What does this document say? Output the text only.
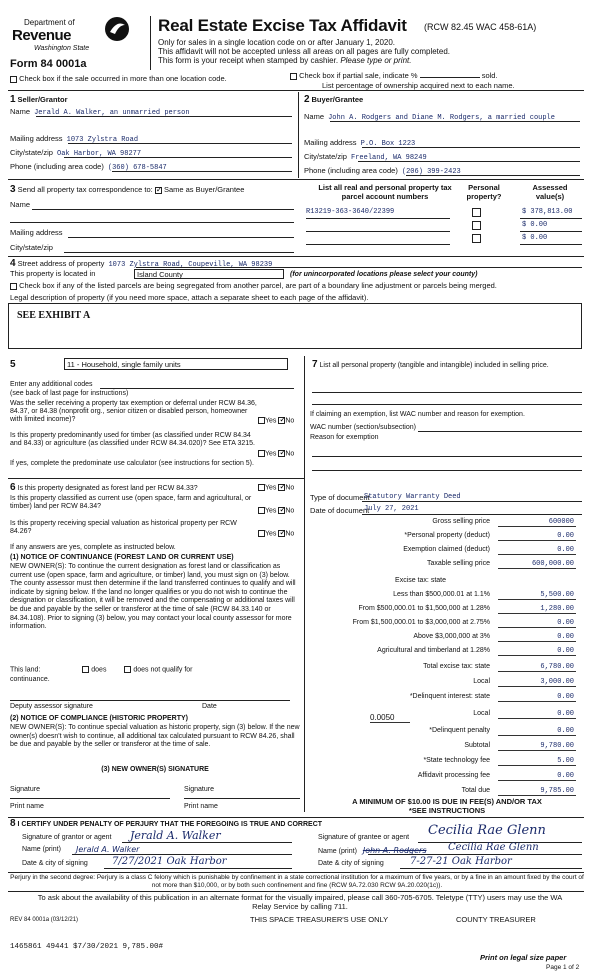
Department of
Revenue
Washington State
Form 84 0001a
Real Estate Excise Tax Affidavit (RCW 82.45 WAC 458-61A)
Only for sales in a single location code on or after January 1, 2020.
This affidavit will not be accepted unless all areas on all pages are fully completed.
This form is your receipt when stamped by cashier. Please type or print.
Check box if the sale occurred in more than one location code.	Check box if partial sale, indicate %	sold.
List percentage of ownership acquired next to each name.
1 Seller/Grantor
Name Jerald A. Walker, an unmarried person
Mailing address 1073 Zylstra Road
City/state/zip Oak Harbor, WA 98277
Phone (including area code) (360) 678-5847
2 Buyer/Grantee
Name John A. Rodgers and Diane M. Rodgers, a married couple
Mailing address P.O. Box 1223
City/state/zip Freeland, WA 98249
Phone (including area code) (206) 399-2423
3 Send all property tax correspondence to: ✓ Same as Buyer/Grantee
Name
Mailing address
City/state/zip
List all real and personal property tax parcel account numbers
Personal property?
Assessed value(s)
R13219-363-3640/22399	$ 378,813.00
$ 0.00
$ 0.00
4 Street address of property 1073 Zylstra Road, Coupeville, WA 98239
This property is located in	Island County	(for unincorporated locations please select your county)
Check box if any of the listed parcels are being segregated from another parcel, are part of a boundary line adjustment or parcels being merged.
Legal description of property (if you need more space, attach a separate sheet to each page of the affidavit).
SEE EXHIBIT A
5	11 - Household, single family units
Enter any additional codes
(see back of last page for instructions)
Was the seller receiving a property tax exemption or deferral under RCW 84.36, 84.37, or 84.38 (nonprofit org., senior citizen or disabled person, homeowner with limited income)?	Yes ✓ No
Is this property predominantly used for timber (as classified under RCW 84.34 and 84.33) or agriculture (as classified under RCW 84.34.020)? See ETA 3215.
Yes ✓ No
If yes, complete the predominate use calculator (see instructions for section 5).
6 Is this property designated as forest land per RCW 84.33?	Yes ✓ No
Is this property classified as current use (open space, farm and agricultural, or timber) land per RCW 84.34?
Yes ✓ No
Is this property receiving special valuation as historical property per RCW 84.26?	Yes ✓ No
If any answers are yes, complete as instructed below.
(1) NOTICE OF CONTINUANCE (FOREST LAND OR CURRENT USE)
NEW OWNER(S): To continue the current designation as forest land or classification as current use (open space, farm and agriculture, or timber) land, you must sign on (3) below. The county assessor must then determine if the land transferred continues to qualify and will indicate by signing below. If the land no longer qualifies or you do not wish to continue the designation or classification, it will be removed and the compensating or additional taxes will be due and payable by the seller or transferor at the time of sale (RCW 84.33.140 or 84.34.108). Prior to signing (3) below, you may contact your local county assessor for more information.
This land:	does	does not qualify for
continuance.
Deputy assessor signature	Date
(2) NOTICE OF COMPLIANCE (HISTORIC PROPERTY)
NEW OWNER(S): To continue special valuation as historic property, sign (3) below. If the new owner(s) doesn't wish to continue, all additional tax calculated pursuant to RCW 84.26, shall be due and payable by the seller or transferor at the time of sale.
(3) NEW OWNER(S) SIGNATURE
Signature	Signature
Print name	Print name
7 List all personal property (tangible and intangible) included in selling price.
If claiming an exemption, list WAC number and reason for exemption.
WAC number (section/subsection)
Reason for exemption
Type of document
Statutory Warranty Deed
Date of document
July 27, 2021
Gross selling price	600000
*Personal property (deduct)	0.00
Exemption claimed (deduct)	0.00
Taxable selling price	600,000.00
Excise tax: state
Less than $500,000.01 at 1.1%	5,500.00
From $500,000.01 to $1,500,000 at 1.28%	1,280.00
From $1,500,000.01 to $3,000,000 at 2.75%	0.00
Above $3,000,000 at 3%	0.00
Agricultural and timberland at 1.28%	0.00
Total excise tax: state	6,780.00
Local	3,000.00
*Delinquent interest: state	0.00
Local	0.00
*Delinquent penalty	0.00
Subtotal	9,780.00
*State technology fee	5.00
Affidavit processing fee	0.00
Total due	9,785.00
0.0050
A MINIMUM OF $10.00 IS DUE IN FEE(S) AND/OR TAX
*SEE INSTRUCTIONS
8 I CERTIFY UNDER PENALTY OF PERJURY THAT THE FOREGOING IS TRUE AND CORRECT
Signature of grantor or agent Jerald A. Walker
Name (print) Jerald A. Walker
Date & city of signing 7/27/2021 Oak Harbor
Signature of grantee or agent Cecilia Rae Glenn
Name (print) John A. Rodgers Cecilia Rae Glenn
Date & city of signing	7-27-21 Oak Harbor
Perjury in the second degree: Perjury is a class C felony which is punishable by confinement in a state correctional institution for a maximum of five years, or by a fine in an amount fixed by the court of not more than $10,000, or by both such confinement and fine (RCW 9A.72.030 RCW 9A.20.020(1c)).
To ask about the availability of this publication in an alternate format for the visually impaired, please call 360-705-6705. Teletype (TTY) users may use the WA Relay Service by calling 711.
REV 84 0001a (03/12/21)	THIS SPACE TREASURER'S USE ONLY	COUNTY TREASURER
1465861 49441 $7/30/2021 9,785.00#
Print on legal size paper
Page 1 of 2
